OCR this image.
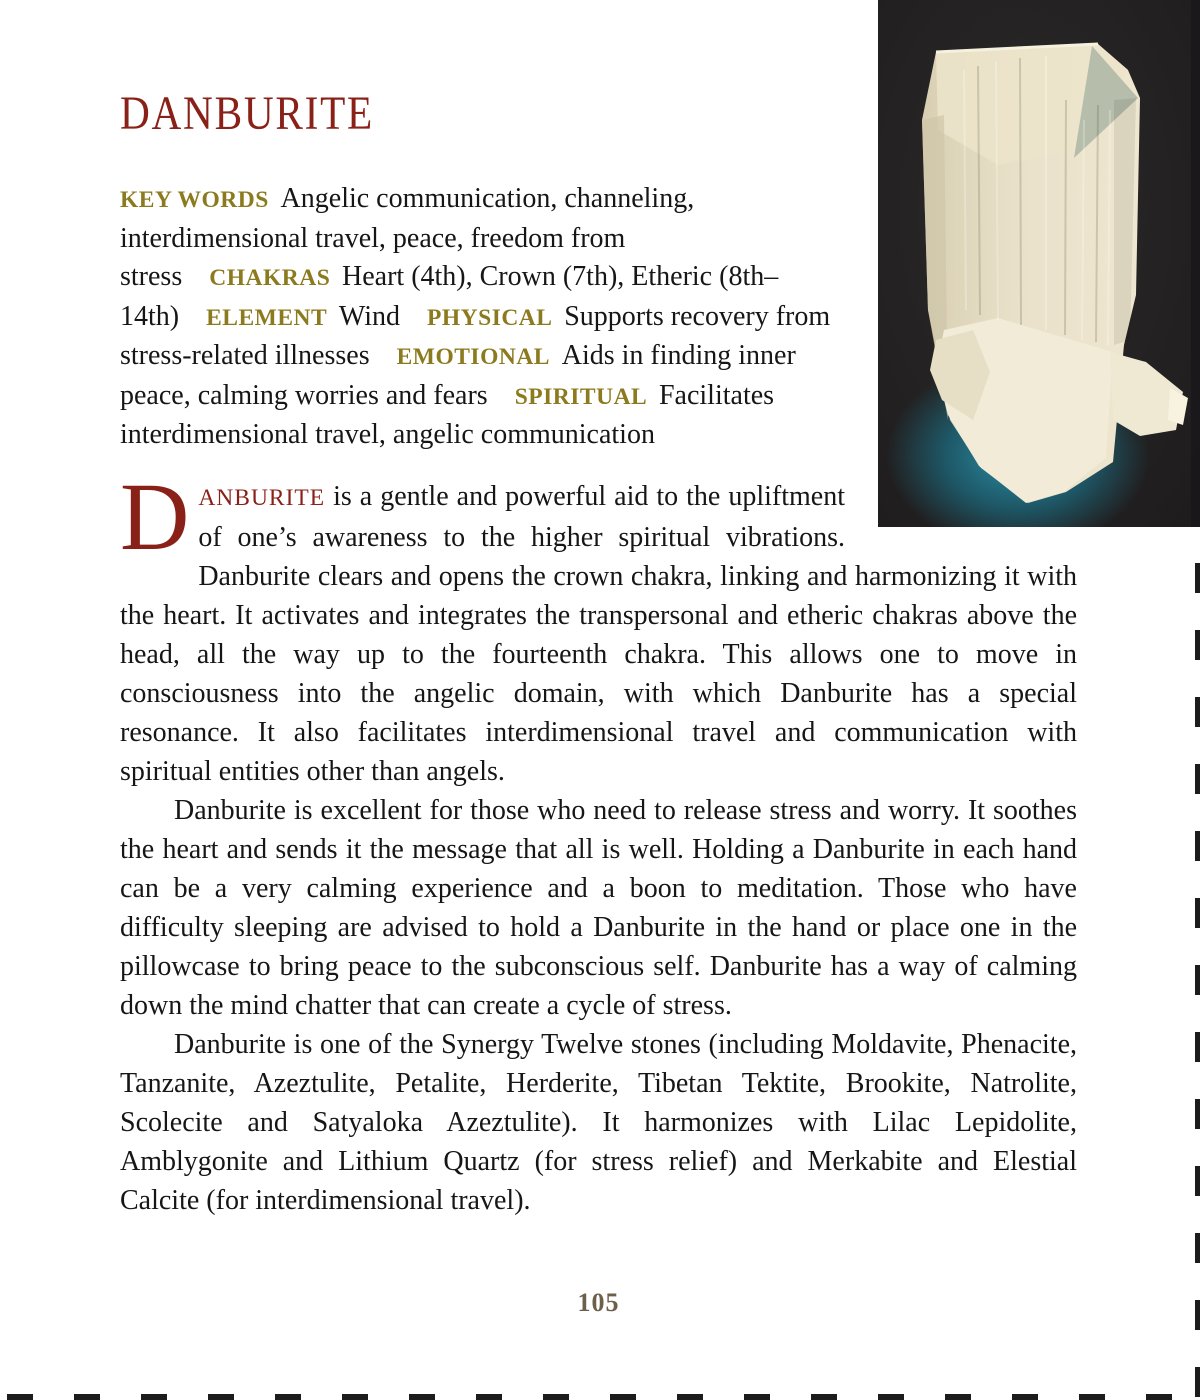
DANBURITE

KEY WORDS Angelic communication, channeling, interdimensional travel, peace, freedom from stress CHAKRAS Heart (4th), Crown (7th), Etheric (8th–14th) ELEMENT Wind PHYSICAL Supports recovery from stress-related illnesses EMOTIONAL Aids in finding inner peace, calming worries and fears SPIRITUAL Facilitates interdimensional travel, angelic communication

DANBURITE is a gentle and powerful aid to the upliftment of one’s awareness to the higher spiritual vibrations. Danburite clears and opens the crown chakra, linking and harmonizing it with the heart. It activates and integrates the transpersonal and etheric chakras above the head, all the way up to the fourteenth chakra. This allows one to move in consciousness into the angelic domain, with which Danburite has a special resonance. It also facilitates interdimensional travel and communication with spiritual entities other than angels.

Danburite is excellent for those who need to release stress and worry. It soothes the heart and sends it the message that all is well. Holding a Danburite in each hand can be a very calming experience and a boon to meditation. Those who have difficulty sleeping are advised to hold a Danburite in the hand or place one in the pillowcase to bring peace to the subconscious self. Danburite has a way of calming down the mind chatter that can create a cycle of stress.

Danburite is one of the Synergy Twelve stones (including Moldavite, Phenacite, Tanzanite, Azeztulite, Petalite, Herderite, Tibetan Tektite, Brookite, Natrolite, Scolecite and Satyaloka Azeztulite). It harmonizes with Lilac Lepidolite, Amblygonite and Lithium Quartz (for stress relief) and Merkabite and Elestial Calcite (for interdimensional travel).

105
